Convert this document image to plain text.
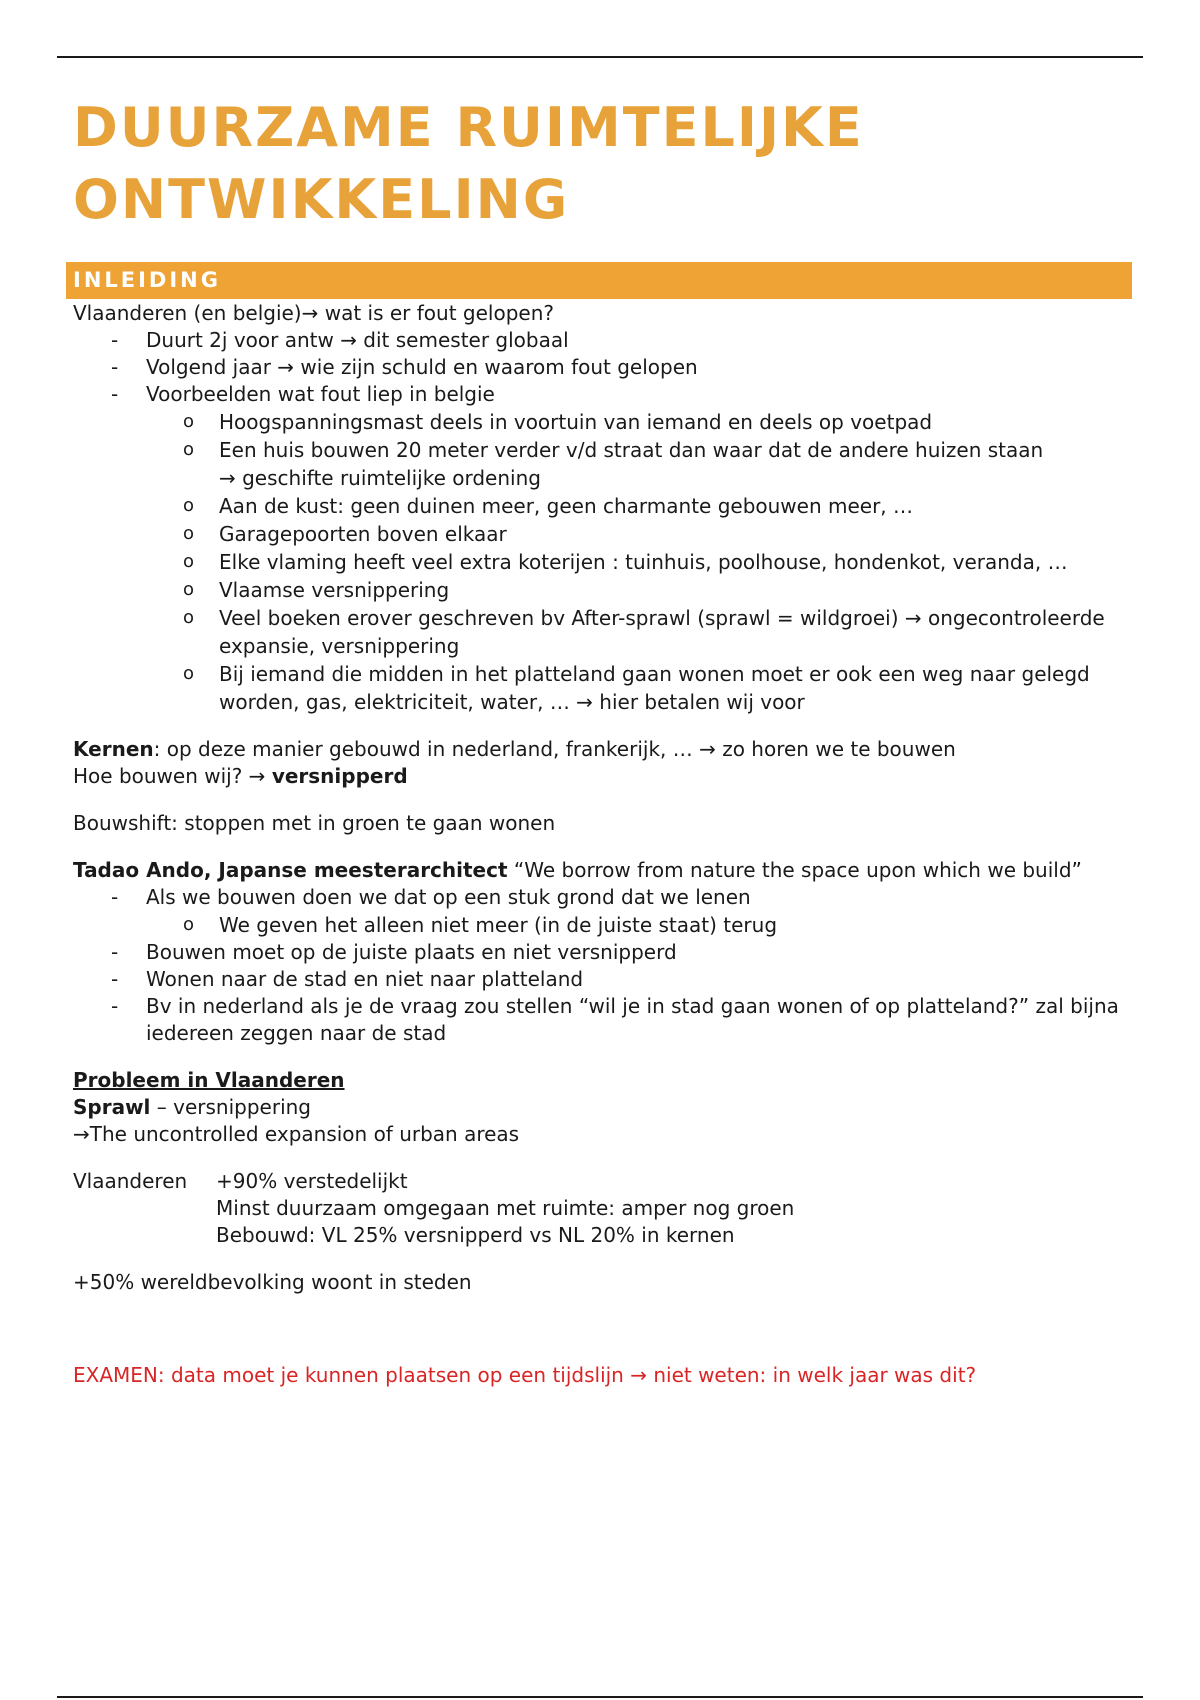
DUURZAME RUIMTELIJKE
ONTWIKKELING
INLEIDING

Vlaanderen (en belgie)→ wat is er fout gelopen?

- Duurt 2j voor antw → dit semester globaal
- Volgend jaar → wie zijn schuld en waarom fout gelopen
- Voorbeelden wat fout liep in belgie
o Hoogspanningsmast deels in voortuin van iemand en deels op voetpad
o Een huis bouwen 20 meter verder v/d straat dan waar dat de andere huizen staan
→ geschifte ruimtelijke ordening
o Aan de kust: geen duinen meer, geen charmante gebouwen meer, …
o Garagepoorten boven elkaar
o Elke vlaming heeft veel extra koterijen : tuinhuis, poolhouse, hondenkot, veranda, …
o Vlaamse versnippering
o Veel boeken erover geschreven bv After-sprawl (sprawl = wildgroei) → ongecontroleerde
expansie, versnippering
o Bij iemand die midden in het platteland gaan wonen moet er ook een weg naar gelegd
worden, gas, elektriciteit, water, … → hier betalen wij voor

Kernen: op deze manier gebouwd in nederland, frankerijk, … → zo horen we te bouwen

Hoe bouwen wij? → versnipperd

Bouwshift: stoppen met in groen te gaan wonen

Tadao Ando, Japanse meesterarchitect “We borrow from nature the space upon which we build”

- Als we bouwen doen we dat op een stuk grond dat we lenen
o We geven het alleen niet meer (in de juiste staat) terug
- Bouwen moet op de juiste plaats en niet versnipperd
- Wonen naar de stad en niet naar platteland
- Bv in nederland als je de vraag zou stellen “wil je in stad gaan wonen of op platteland?” zal bijna
iedereen zeggen naar de stad

Probleem in Vlaanderen

Sprawl – versnippering

→The uncontrolled expansion of urban areas

Vlaanderen	+90% verstedelijkt
Minst duurzaam omgegaan met ruimte: amper nog groen
Bebouwd: VL 25% versnipperd vs NL 20% in kernen

+50% wereldbevolking woont in steden

EXAMEN: data moet je kunnen plaatsen op een tijdslijn → niet weten: in welk jaar was dit?
